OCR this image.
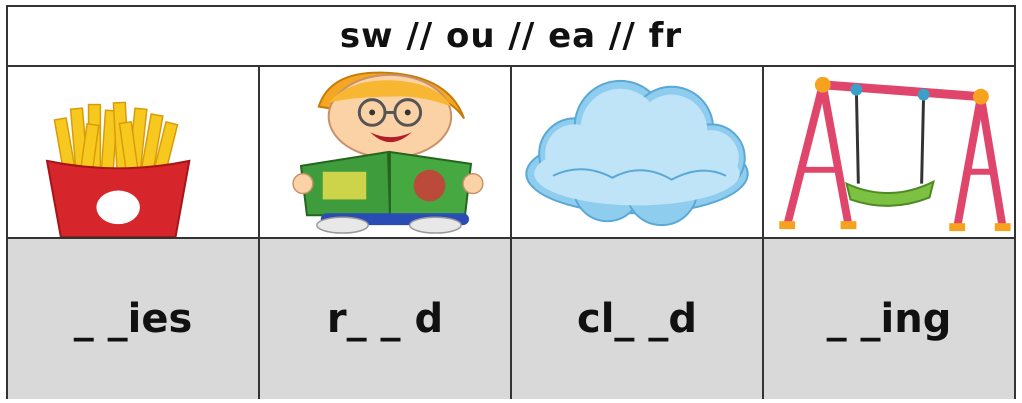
sw // ou // ea // fr
_ _ies	r_ _ d	cl_ _d	_ _ing
